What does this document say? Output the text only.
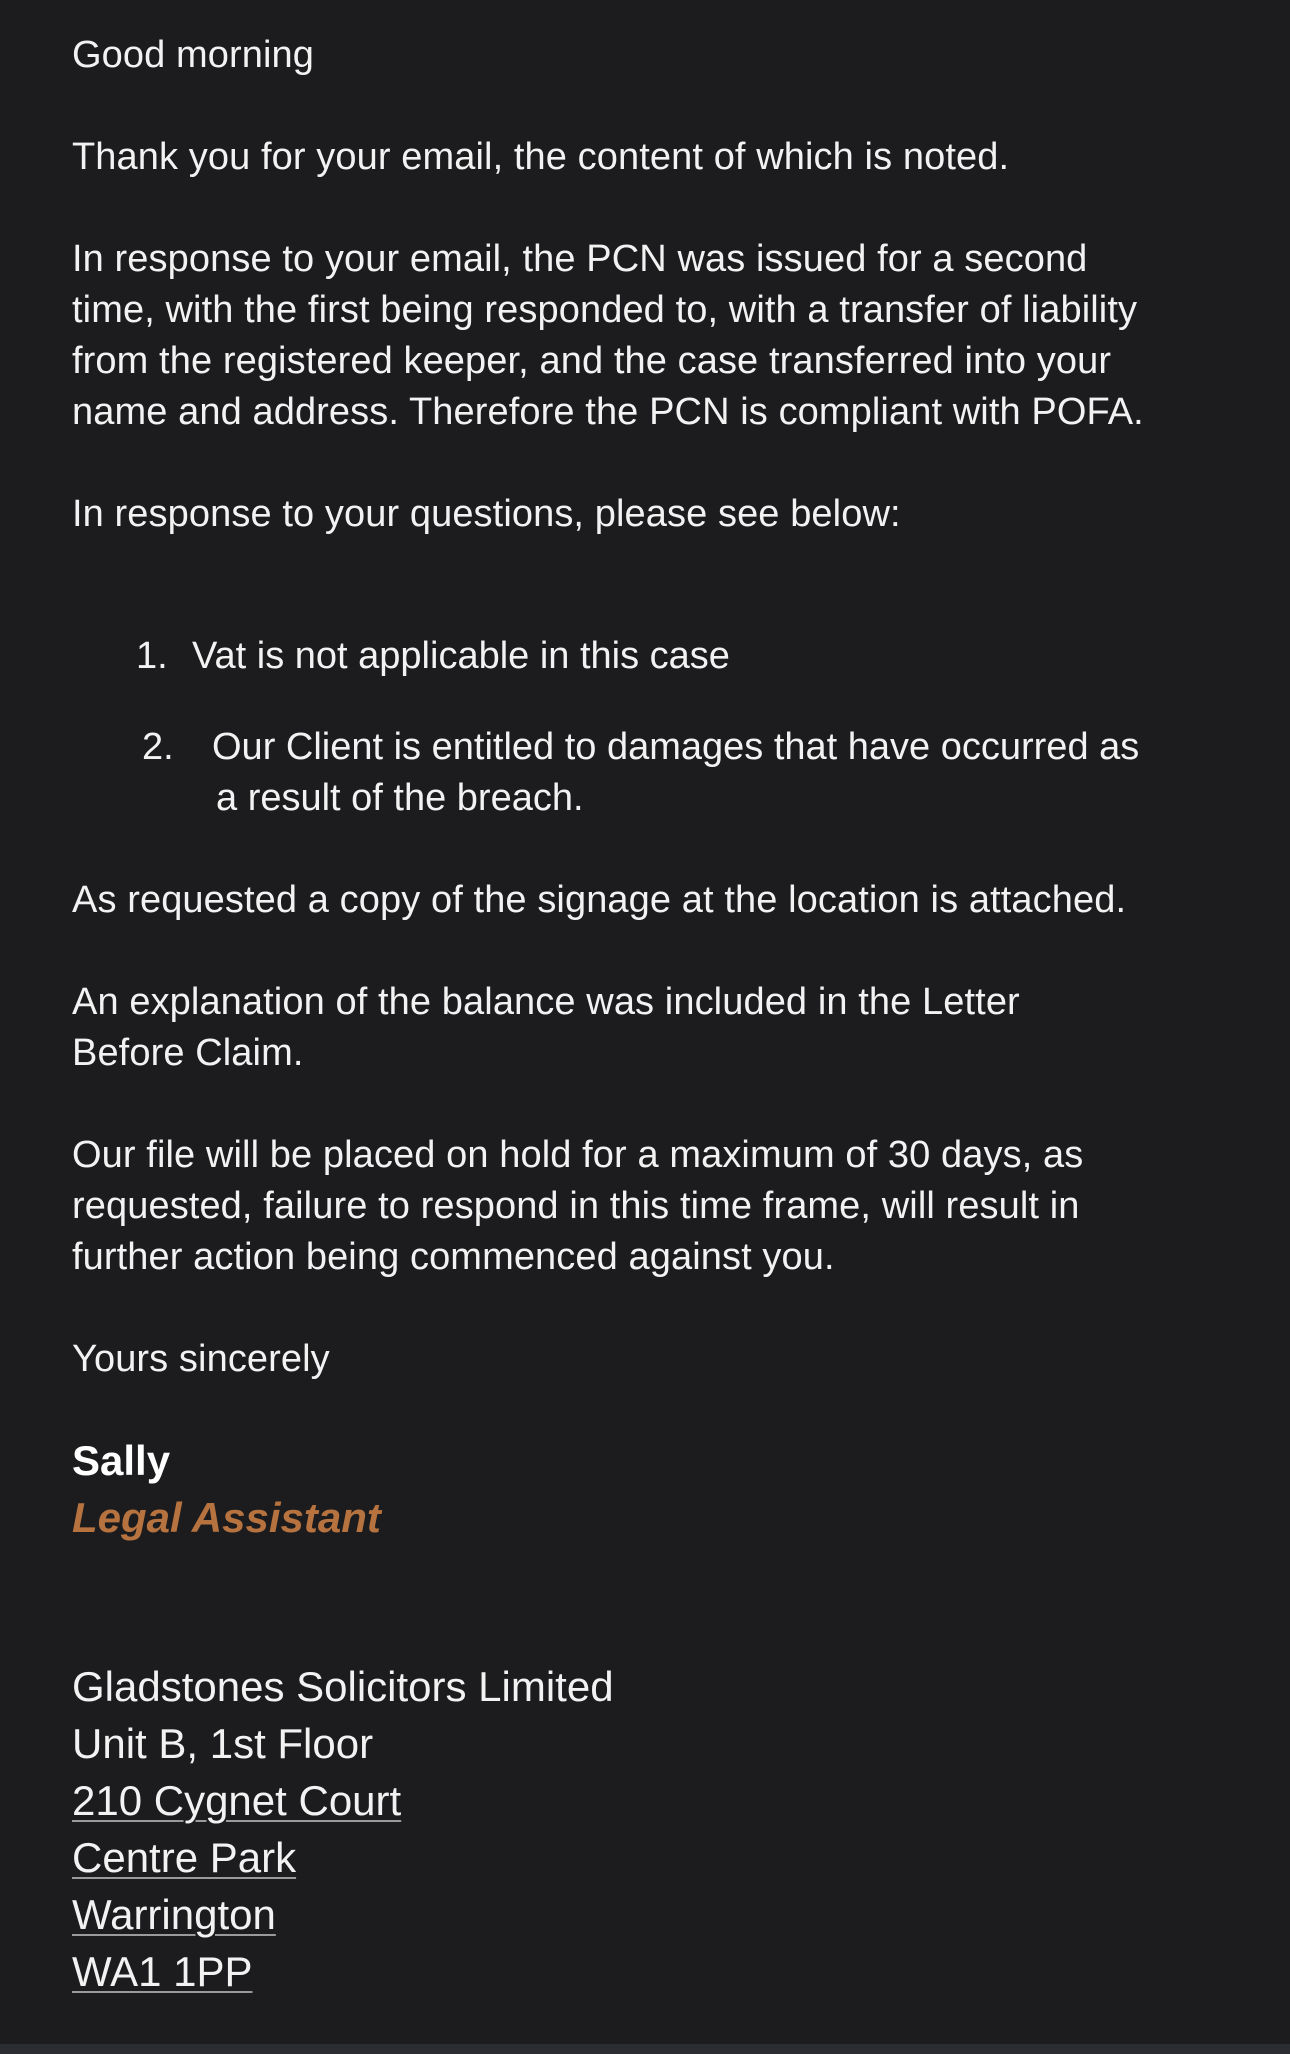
Good morning
Thank you for your email, the content of which is noted.
In response to your email, the PCN was issued for a second
time, with the first being responded to, with a transfer of liability
from the registered keeper, and the case transferred into your
name and address. Therefore the PCN is compliant with POFA.
In response to your questions, please see below:
1. Vat is not applicable in this case
2. Our Client is entitled to damages that have occurred as
a result of the breach.
As requested a copy of the signage at the location is attached.
An explanation of the balance was included in the Letter
Before Claim.
Our file will be placed on hold for a maximum of 30 days, as
requested, failure to respond in this time frame, will result in
further action being commenced against you.
Yours sincerely
Sally
Legal Assistant
Gladstones Solicitors Limited
Unit B, 1st Floor
210 Cygnet Court
Centre Park
Warrington
WA1 1PP
